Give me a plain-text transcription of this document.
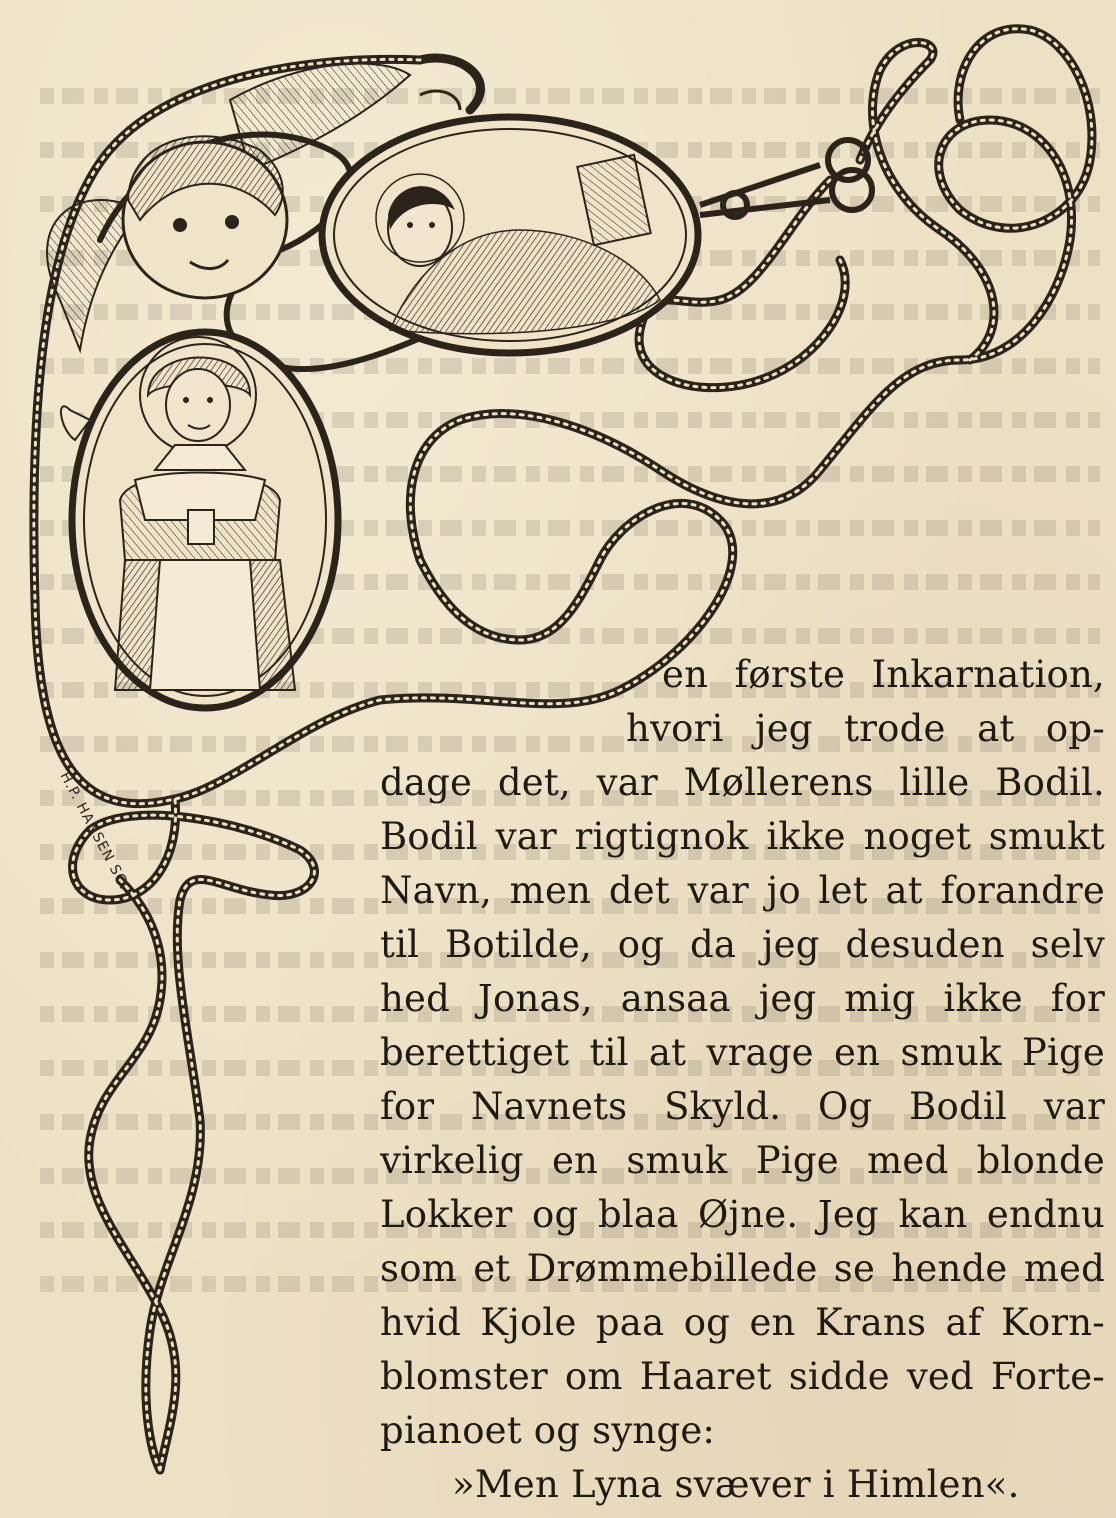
H.P. HANSEN SC.
en første Inkarnation,
hvori jeg trode at op-
dage det, var Møllerens lille Bodil.
Bodil var rigtignok ikke noget smukt
Navn, men det var jo let at forandre
til Botilde, og da jeg desuden selv
hed Jonas, ansaa jeg mig ikke for
berettiget til at vrage en smuk Pige
for Navnets Skyld. Og Bodil var
virkelig en smuk Pige med blonde
Lokker og blaa Øjne. Jeg kan endnu
som et Drømmebillede se hende med
hvid Kjole paa og en Krans af Korn-
blomster om Haaret sidde ved Forte-
pianoet og synge:
»Men Lyna svæver i Himlen«.
